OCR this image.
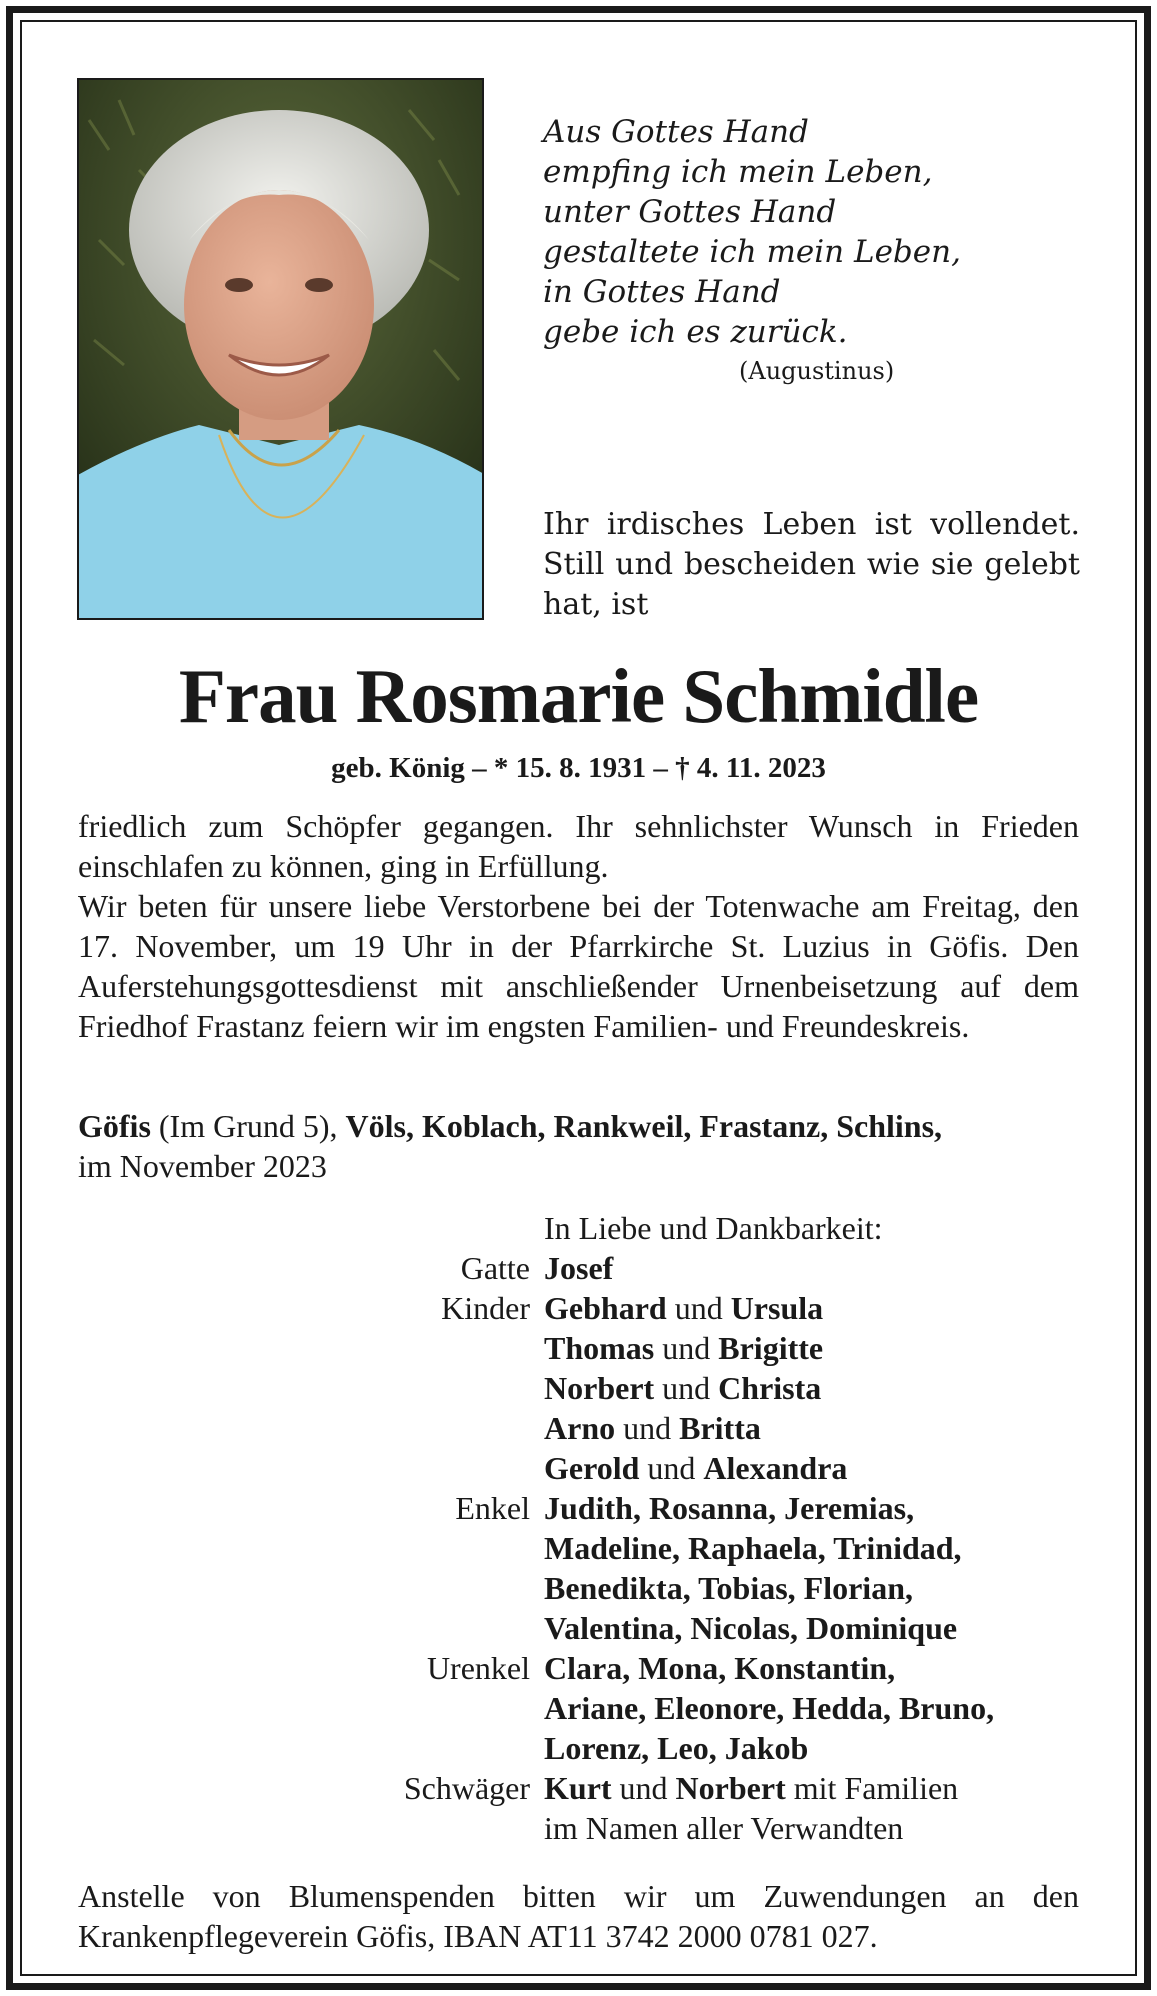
Aus Gottes Hand
empfing ich mein Leben,
unter Gottes Hand
gestaltete ich mein Leben,
in Gottes Hand
gebe ich es zurück.
(Augustinus)
Ihr irdisches Leben ist vollendet. Still und bescheiden wie sie gelebt hat, ist
Frau Rosmarie Schmidle
geb. König – * 15. 8. 1931 – † 4. 11. 2023

friedlich zum Schöpfer gegangen. Ihr sehnlichster Wunsch in Frieden einschlafen zu können, ging in Erfüllung.

Wir beten für unsere liebe Verstorbene bei der Totenwache am Freitag, den 17. November, um 19 Uhr in der Pfarrkirche St. Luzius in Göfis. Den Auferstehungsgottesdienst mit anschließender Urnenbeisetzung auf dem Friedhof Frastanz feiern wir im engsten Familien- und Freundeskreis.

Göfis (Im Grund 5), Völs, Koblach, Rankweil, Frastanz, Schlins,
im November 2023
In Liebe und Dankbarkeit:
Gatte Josef
Kinder Gebhard und Ursula
Thomas und Brigitte
Norbert und Christa
Arno und Britta
Gerold und Alexandra
Enkel Judith, Rosanna, Jeremias,
Madeline, Raphaela, Trinidad,
Benedikta, Tobias, Florian,
Valentina, Nicolas, Dominique
Urenkel Clara, Mona, Konstantin,
Ariane, Eleonore, Hedda, Bruno,
Lorenz, Leo, Jakob
Schwäger Kurt und Norbert mit Familien
im Namen aller Verwandten
Anstelle von Blumenspenden bitten wir um Zuwendungen an den Krankenpflegeverein Göfis, IBAN AT11 3742 2000 0781 027.
